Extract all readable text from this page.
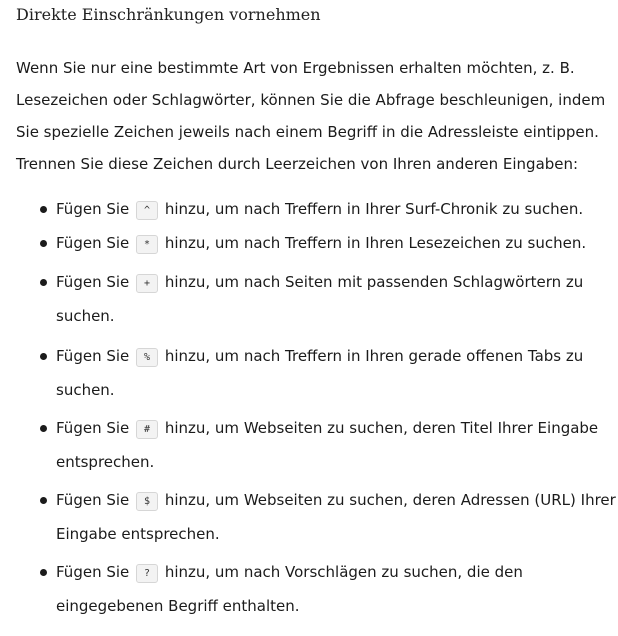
Direkte Einschränkungen vornehmen

Wenn Sie nur eine bestimmte Art von Ergebnissen erhalten möchten, z. B.
Lesezeichen oder Schlagwörter, können Sie die Abfrage beschleunigen, indem
Sie spezielle Zeichen jeweils nach einem Begriff in die Adressleiste eintippen.
Trennen Sie diese Zeichen durch Leerzeichen von Ihren anderen Eingaben:

Fügen Sie ^ hinzu, um nach Treffern in Ihrer Surf-Chronik zu suchen.
Fügen Sie * hinzu, um nach Treffern in Ihren Lesezeichen zu suchen.
Fügen Sie + hinzu, um nach Seiten mit passenden Schlagwörtern zu
suchen.
Fügen Sie % hinzu, um nach Treffern in Ihren gerade offenen Tabs zu
suchen.
Fügen Sie # hinzu, um Webseiten zu suchen, deren Titel Ihrer Eingabe
entsprechen.
Fügen Sie $ hinzu, um Webseiten zu suchen, deren Adressen (URL) Ihrer
Eingabe entsprechen.
Fügen Sie ? hinzu, um nach Vorschlägen zu suchen, die den
eingegebenen Begriff enthalten.
